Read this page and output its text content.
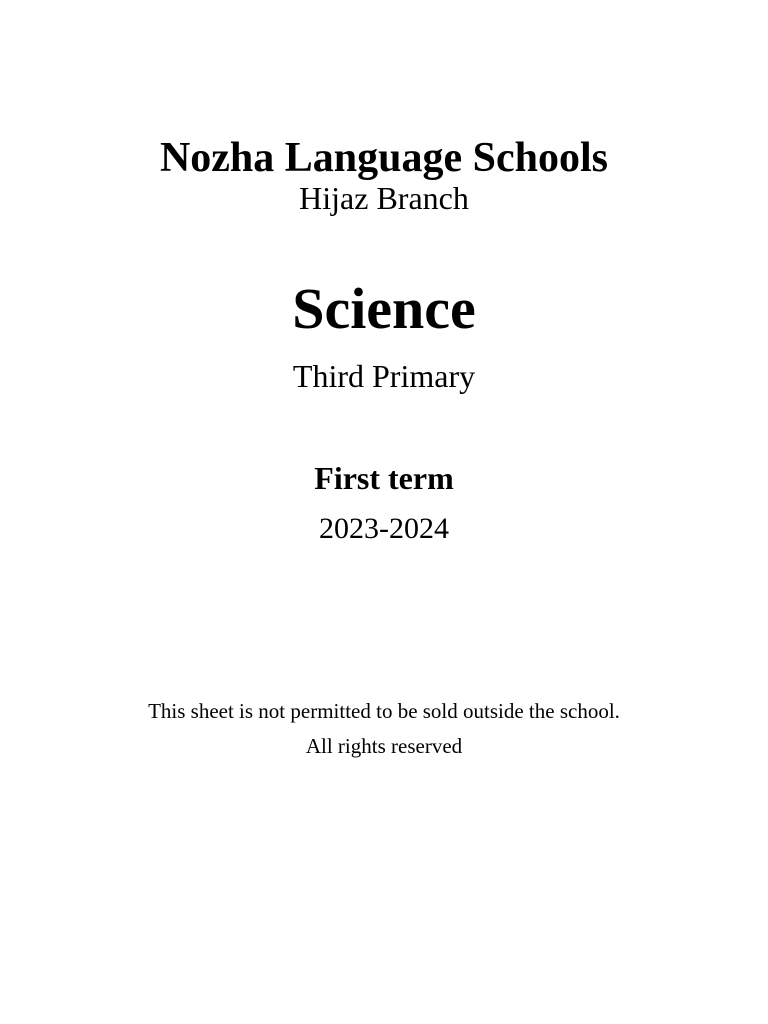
Nozha Language Schools
Hijaz Branch
Science
Third Primary
First term
2023-2024
This sheet is not permitted to be sold outside the school.
All rights reserved
